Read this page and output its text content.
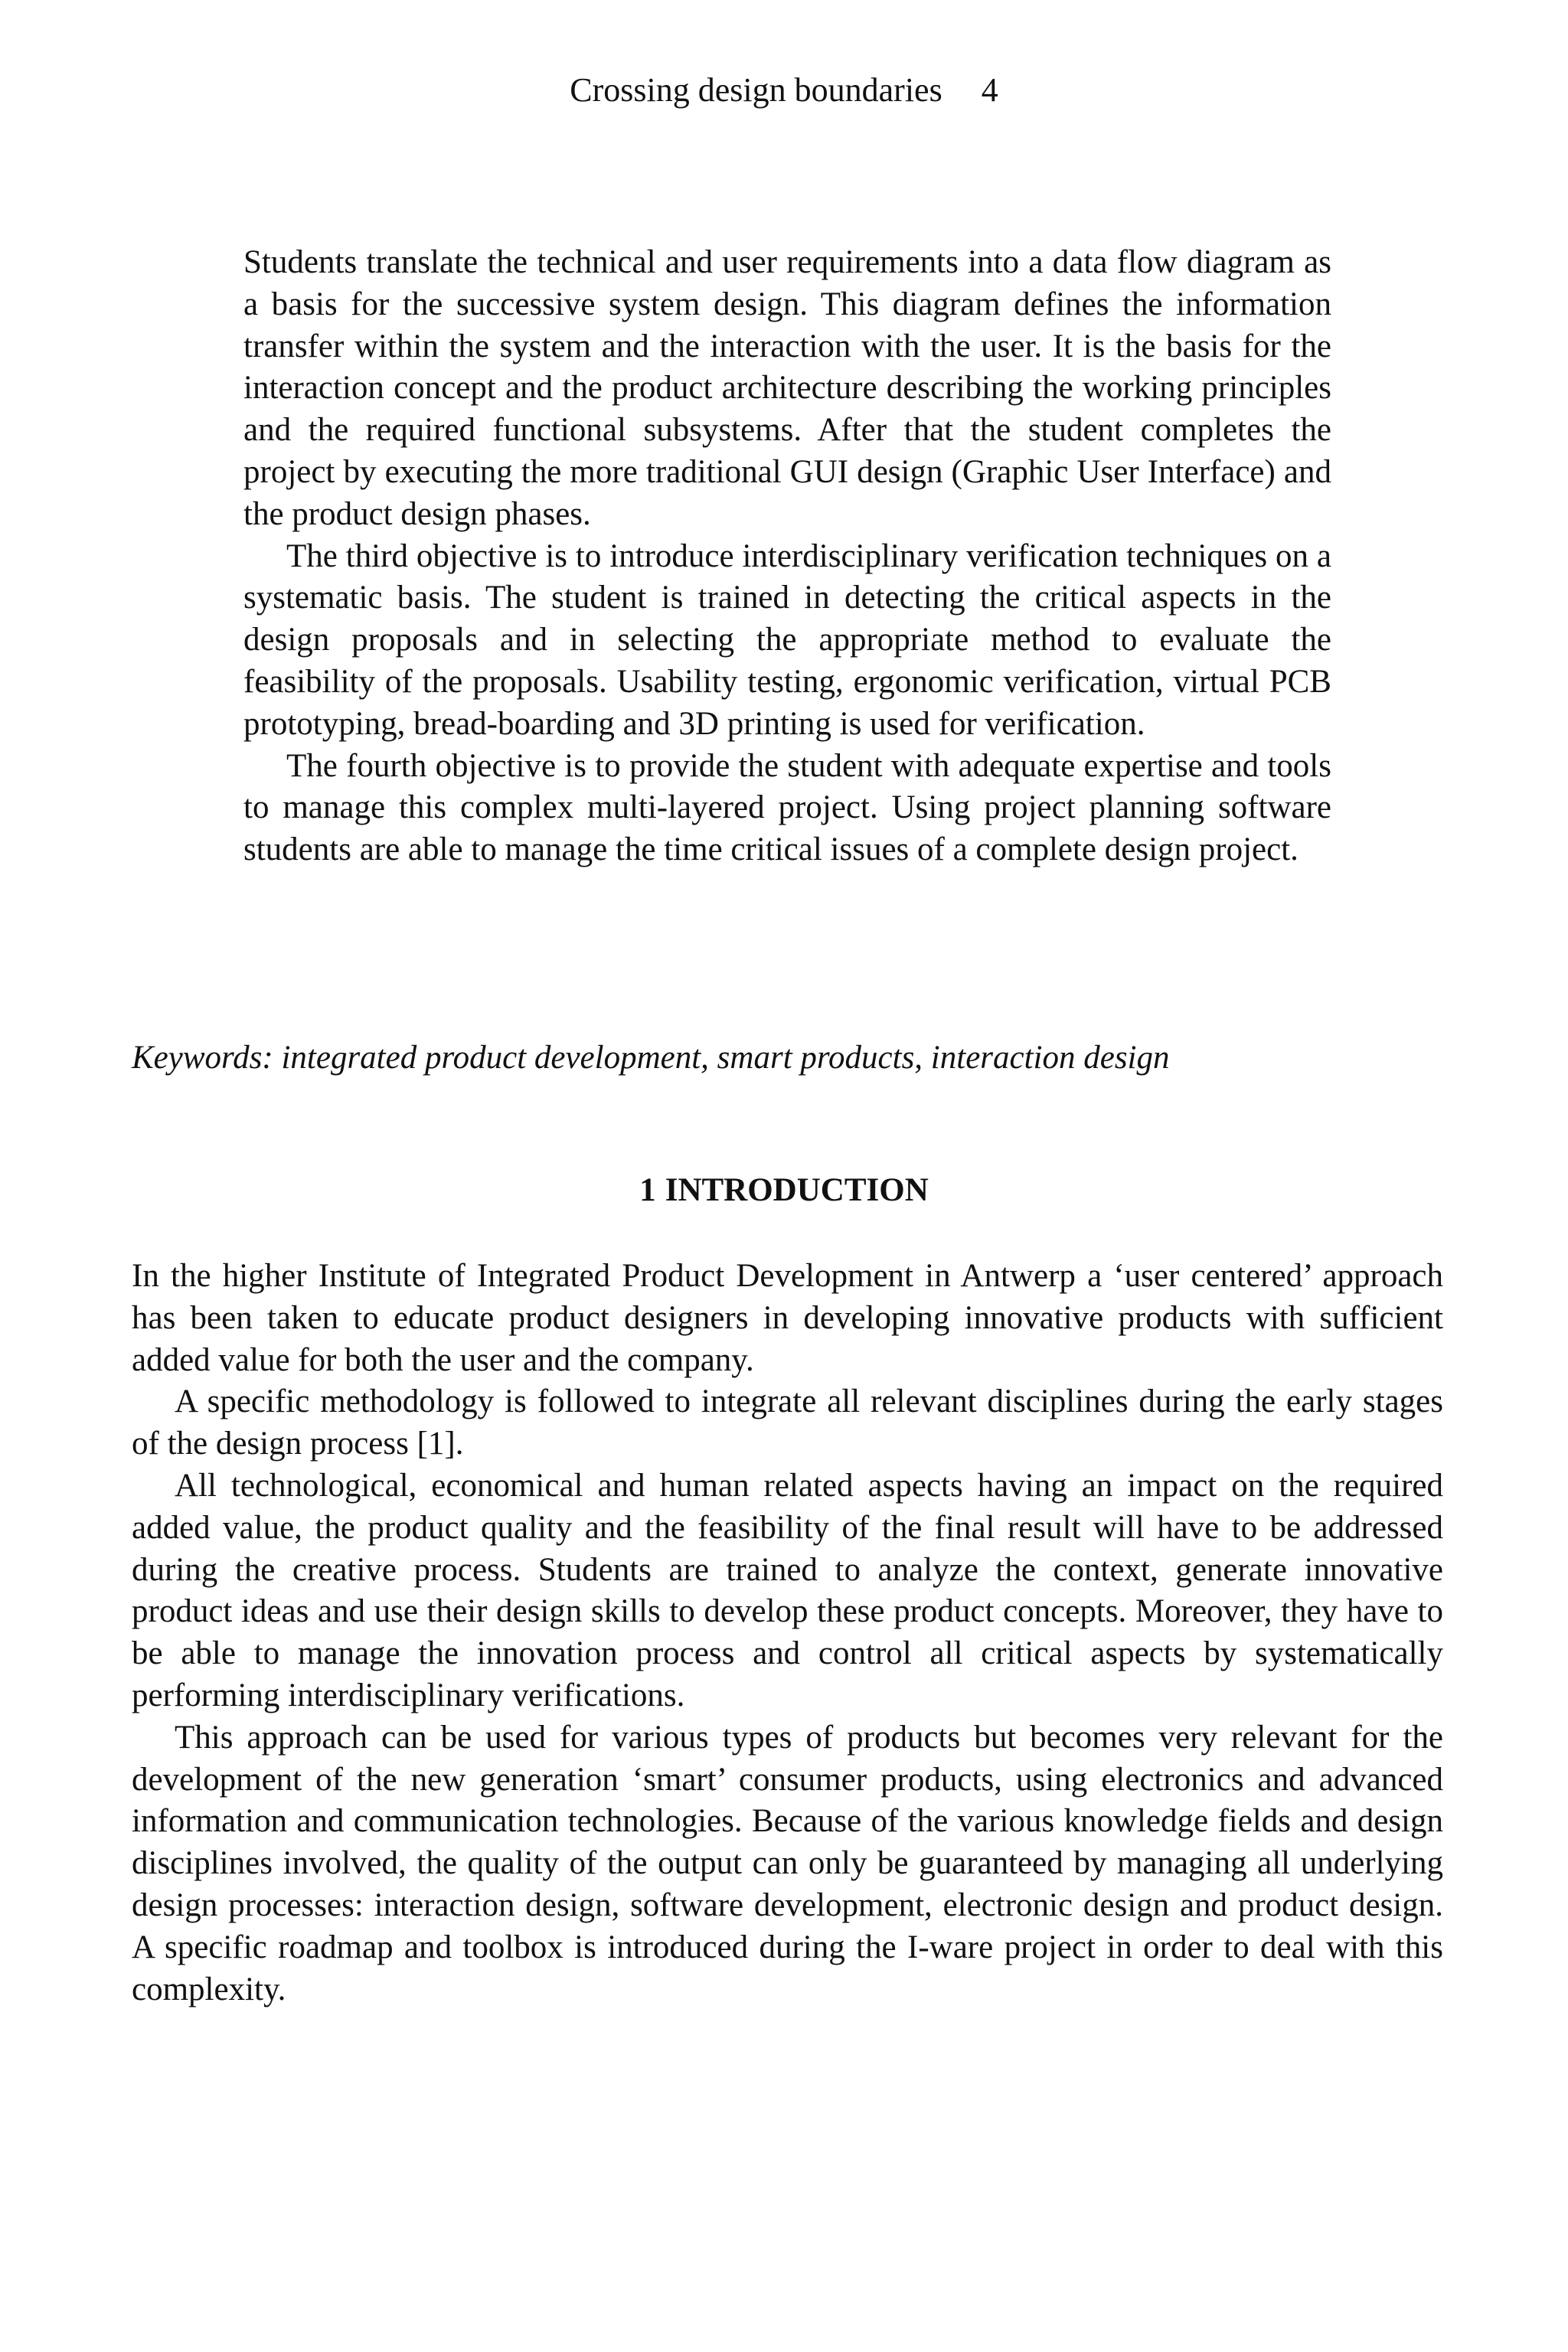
Crossing design boundaries 4

Students translate the technical and user requirements into a data flow diagram as a basis for the successive system design. This diagram defines the information transfer within the system and the interaction with the user. It is the basis for the interaction concept and the product architecture describing the working principles and the required functional subsystems. After that the student completes the project by executing the more traditional GUI design (Graphic User Interface) and the product design phases.

The third objective is to introduce interdisciplinary verification techniques on a systematic basis. The student is trained in detecting the critical aspects in the design proposals and in selecting the appropriate method to evaluate the feasibility of the proposals. Usability testing, ergonomic verification, virtual PCB prototyping, bread-boarding and 3D printing is used for verification.

The fourth objective is to provide the student with adequate expertise and tools to manage this complex multi-layered project. Using project planning software students are able to manage the time critical issues of a complete design project.

Keywords: integrated product development, smart products, interaction design
1 INTRODUCTION

In the higher Institute of Integrated Product Development in Antwerp a ‘user centered’ approach has been taken to educate product designers in developing innovative products with sufficient added value for both the user and the company.

A specific methodology is followed to integrate all relevant disciplines during the early stages of the design process [1].

All technological, economical and human related aspects having an impact on the required added value, the product quality and the feasibility of the final result will have to be addressed during the creative process. Students are trained to analyze the context, generate innovative product ideas and use their design skills to develop these product concepts. Moreover, they have to be able to manage the innovation process and control all critical aspects by systematically performing interdisciplinary verifications.

This approach can be used for various types of products but becomes very relevant for the development of the new generation ‘smart’ consumer products, using electronics and advanced information and communication technologies. Because of the various knowledge fields and design disciplines involved, the quality of the output can only be guaranteed by managing all underlying design processes: interaction design, software development, electronic design and product design. A specific roadmap and toolbox is introduced during the I-ware project in order to deal with this complexity.
